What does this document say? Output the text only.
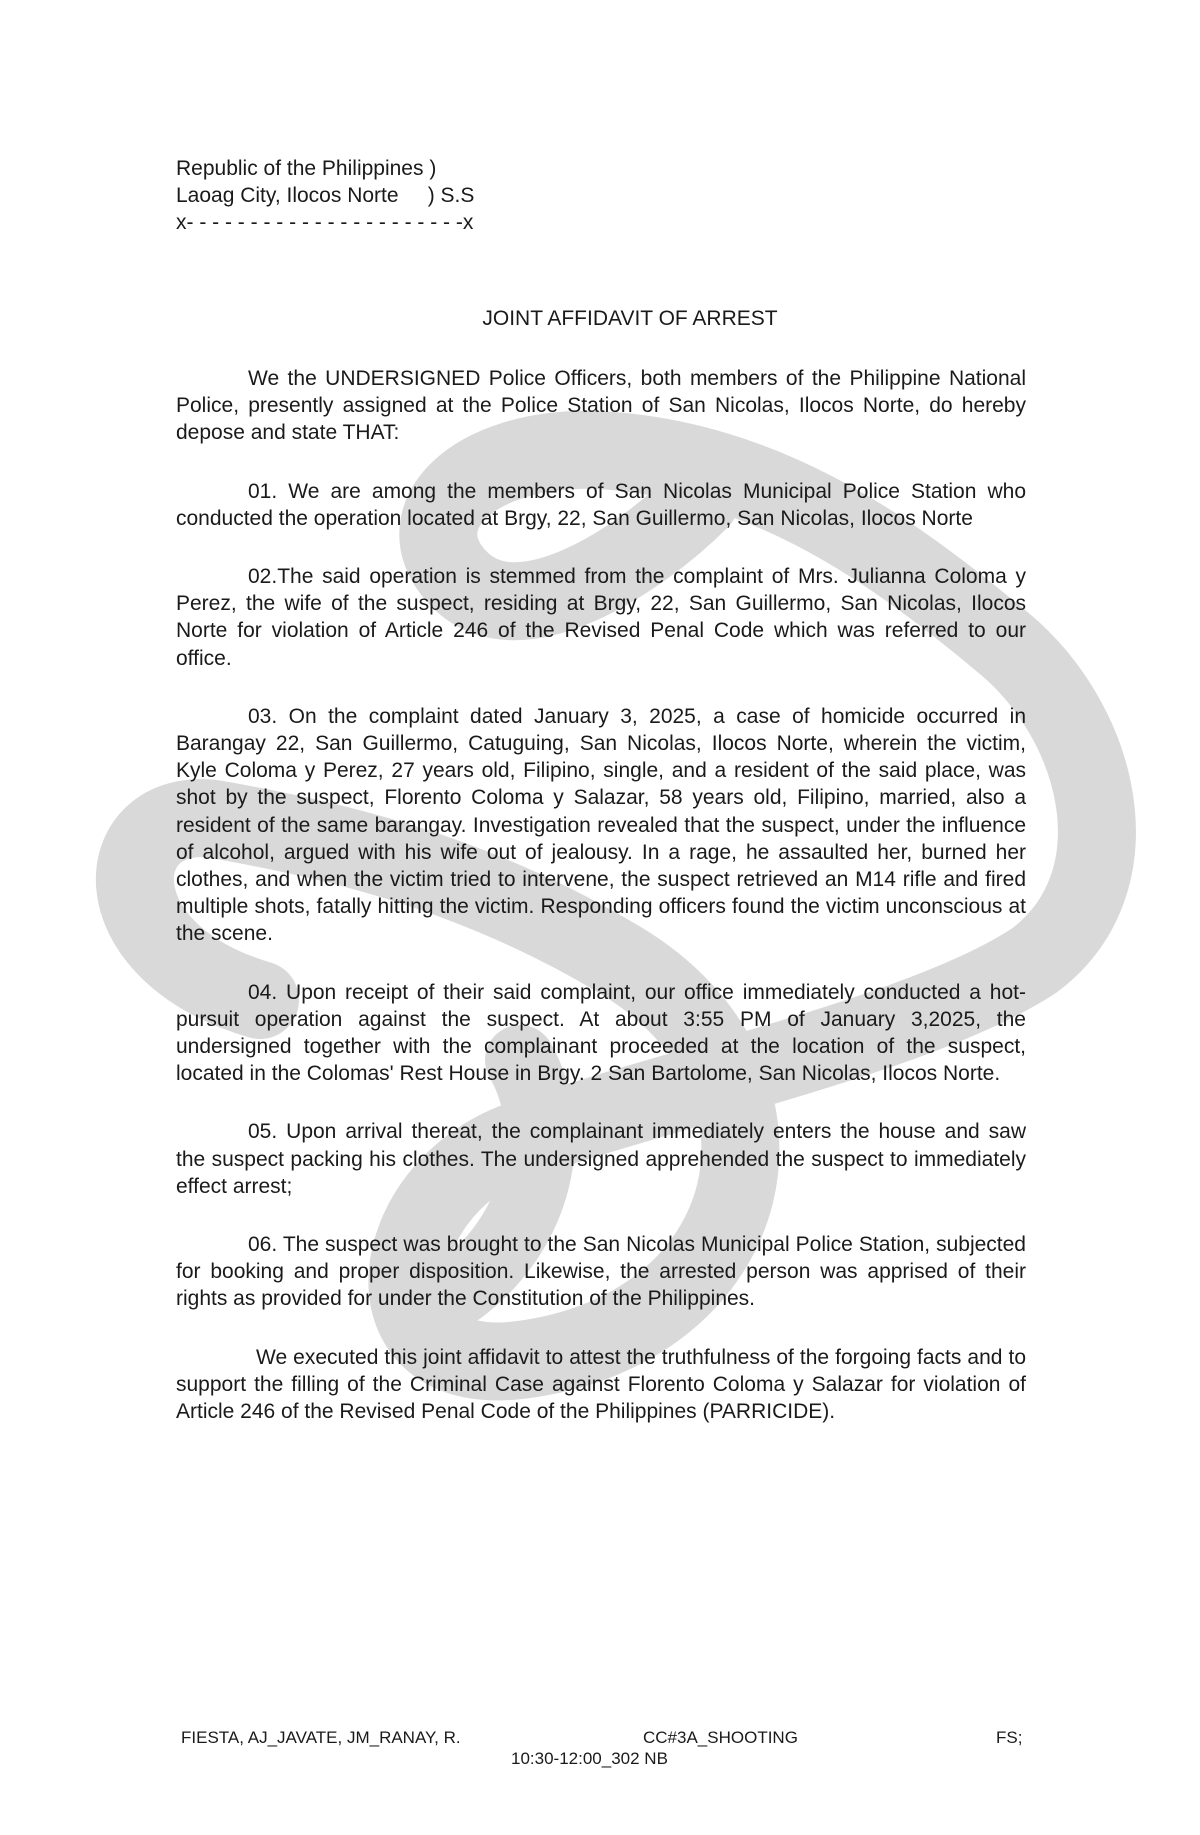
Republic of the Philippines )
Laoag City, Ilocos Norte     ) S.S
x- - - - - - - - - - - - - - - - - - - - - -x
JOINT AFFIDAVIT OF ARREST

We the UNDERSIGNED Police Officers, both members of the Philippine National Police, presently assigned at the Police Station of San Nicolas, Ilocos Norte, do hereby depose and state THAT:

01. We are among the members of San Nicolas Municipal Police Station who conducted the operation located at Brgy, 22, San Guillermo, San Nicolas, Ilocos Norte

02.The said operation is stemmed from the complaint of Mrs. Julianna Coloma y Perez, the wife of the suspect, residing at Brgy, 22, San Guillermo, San Nicolas, Ilocos Norte for violation of Article 246 of the Revised Penal Code which was referred to our office.

03. On the complaint dated January 3, 2025, a case of homicide occurred in Barangay 22, San Guillermo, Catuguing, San Nicolas, Ilocos Norte, wherein the victim, Kyle Coloma y Perez, 27 years old, Filipino, single, and a resident of the said place, was shot by the suspect, Florento Coloma y Salazar, 58 years old, Filipino, married, also a resident of the same barangay. Investigation revealed that the suspect, under the influence of alcohol, argued with his wife out of jealousy. In a rage, he assaulted her, burned her clothes, and when the victim tried to intervene, the suspect retrieved an M14 rifle and fired multiple shots, fatally hitting the victim. Responding officers found the victim unconscious at the scene.

04. Upon receipt of their said complaint, our office immediately conducted a hot-pursuit operation against the suspect. At about 3:55 PM of January 3,2025, the undersigned together with the complainant proceeded at the location of the suspect, located in the Colomas' Rest House in Brgy. 2 San Bartolome, San Nicolas, Ilocos Norte.

05. Upon arrival thereat, the complainant immediately enters the house and saw the suspect packing his clothes. The undersigned apprehended the suspect to immediately effect arrest;

06. The suspect was brought to the San Nicolas Municipal Police Station, subjected for booking and proper disposition. Likewise, the arrested person was apprised of their rights as provided for under the Constitution of the Philippines.

We executed this joint affidavit to attest the truthfulness of the forgoing facts and to support the filling of the Criminal Case against Florento Coloma y Salazar for violation of Article 246 of the Revised Penal Code of the Philippines (PARRICIDE).

FIESTA, AJ_JAVATE, JM_RANAY, R.	CC#3A_SHOOTING	FS;
10:30-12:00_302 NB
